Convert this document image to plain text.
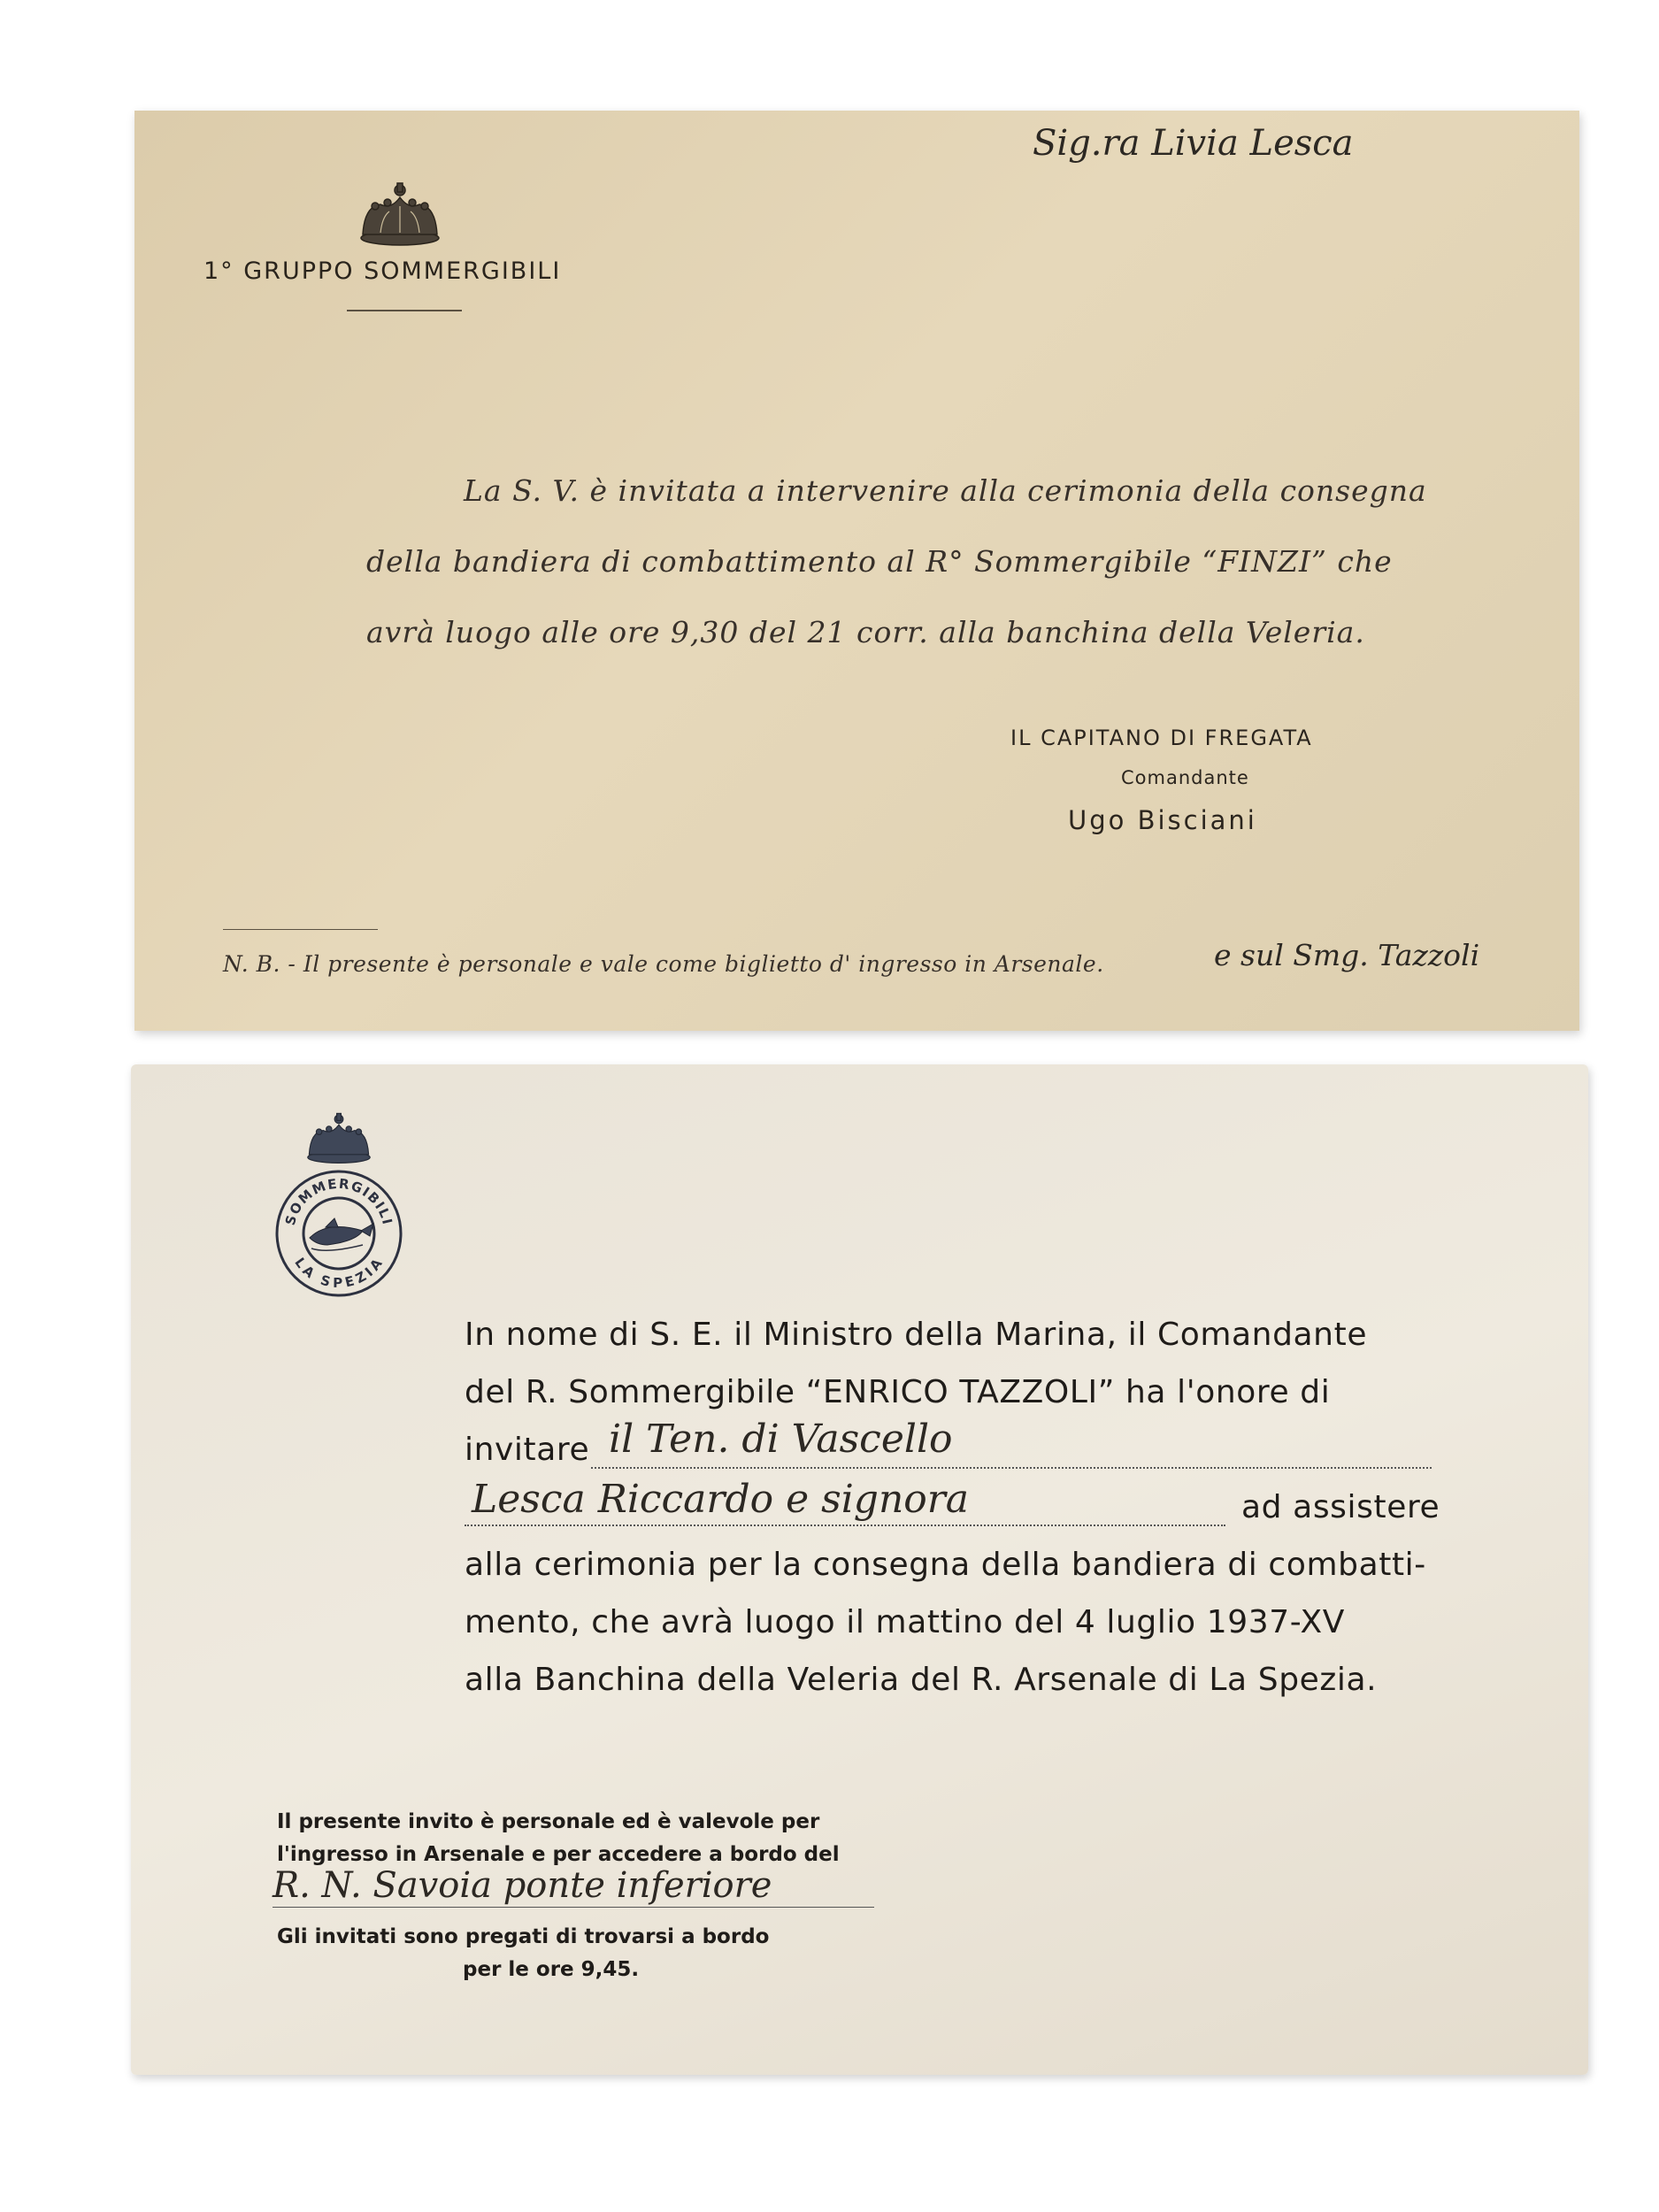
Sig.ra Livia Lesca
1° GRUPPO SOMMERGIBILI
La S. V. è invitata a intervenire alla cerimonia della consegna
della bandiera di combattimento al R° Sommergibile “FINZI” che
avrà luogo alle ore 9,30 del 21 corr. alla banchina della Veleria.
IL CAPITANO DI FREGATA
Comandante
Ugo Bisciani
N. B. - Il presente è personale e vale come biglietto d' ingresso in Arsenale.	e sul Smg. Tazzoli
SOMMERGIBILI
LA SPEZIA
In nome di S. E. il Ministro della Marina, il Comandante
del R. Sommergibile “ENRICO TAZZOLI” ha l'onore di
invitare il Ten. di Vascello
Lesca Riccardo e signora	ad assistere
alla cerimonia per la consegna della bandiera di combatti-
mento, che avrà luogo il mattino del 4 luglio 1937-XV
alla Banchina della Veleria del R. Arsenale di La Spezia.
Il presente invito è personale ed è valevole per
l'ingresso in Arsenale e per accedere a bordo del
R. N. Savoia ponte inferiore
Gli invitati sono pregati di trovarsi a bordo
per le ore 9,45.
